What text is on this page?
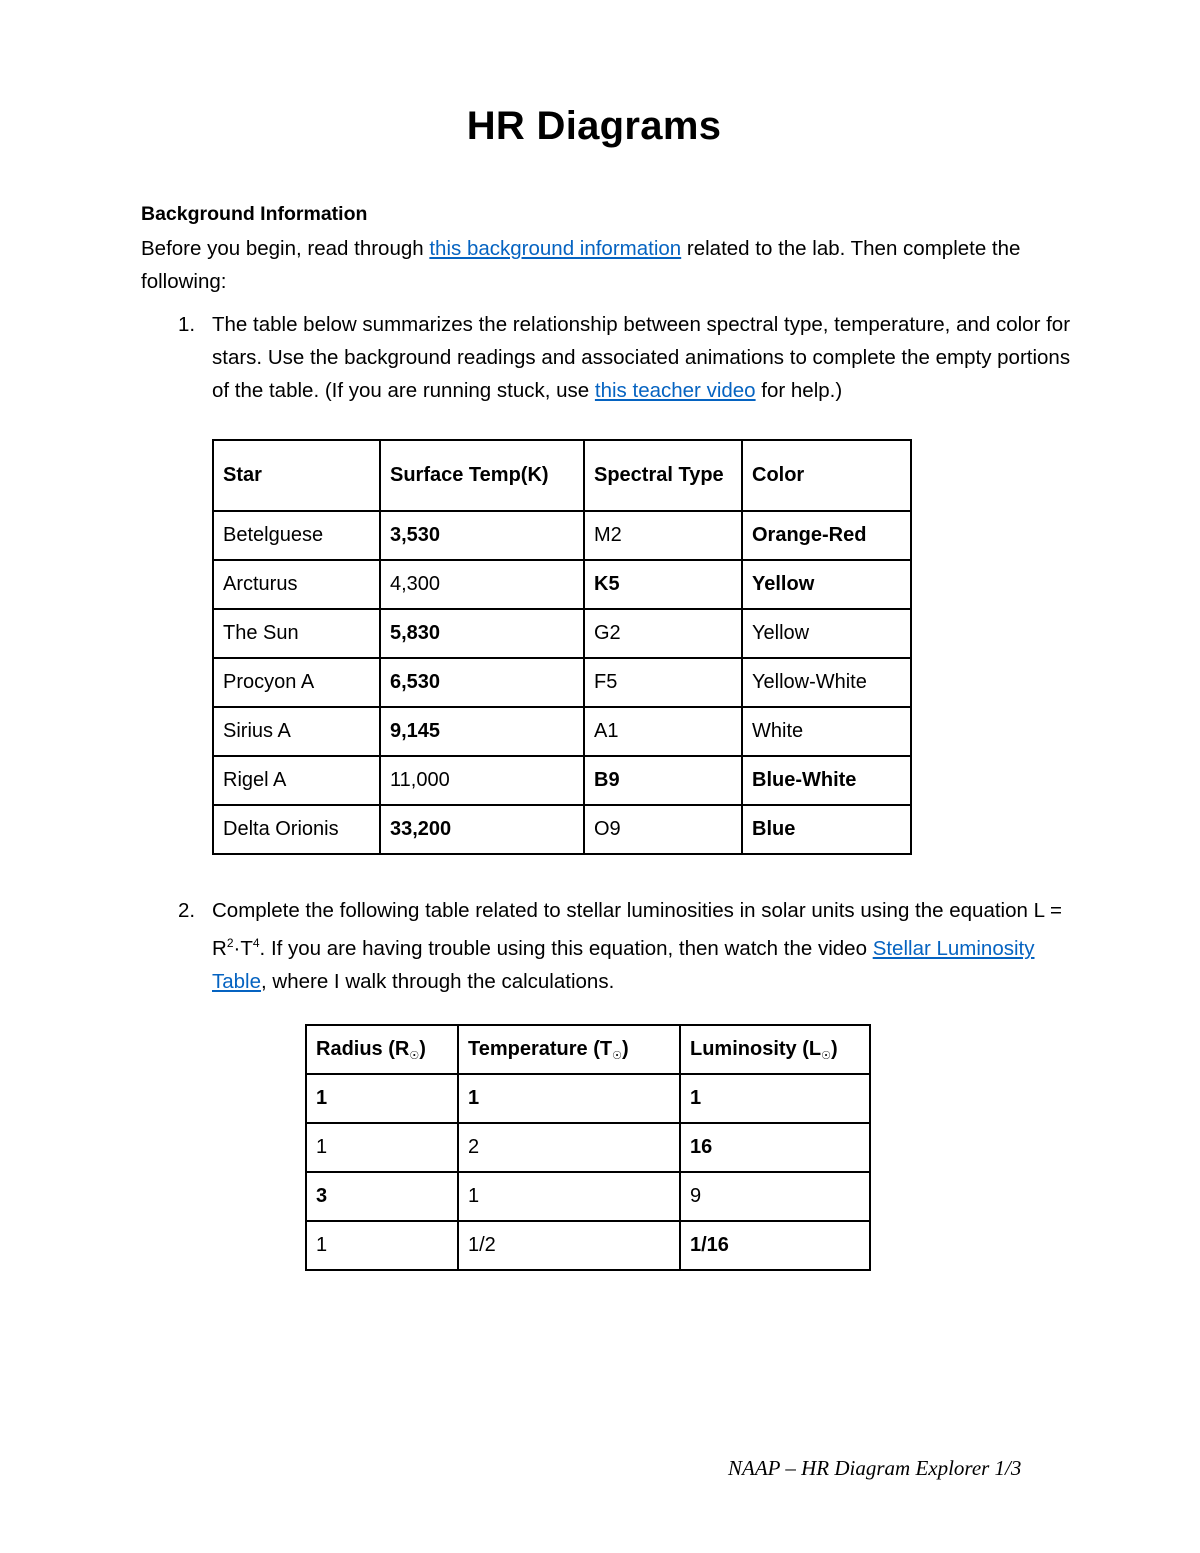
HR Diagrams
Background Information
Before you begin, read through this background information related to the lab. Then complete the following:
1. The table below summarizes the relationship between spectral type, temperature, and color for stars. Use the background readings and associated animations to complete the empty portions of the table. (If you are running stuck, use this teacher video for help.)
Star	Surface Temp(K)	Spectral Type	Color
Betelguese	3,530	M2	Orange-Red
Arcturus	4,300	K5	Yellow
The Sun	5,830	G2	Yellow
Procyon A	6,530	F5	Yellow-White
Sirius A	9,145	A1	White
Rigel A	11,000	B9	Blue-White
Delta Orionis	33,200	O9	Blue
2. Complete the following table related to stellar luminosities in solar units using the equation $L = R^2\cdot T^4$. If you are having trouble using this equation, then watch the video Stellar Luminosity Table, where I walk through the calculations.
Radius $(R_☉)$	Temperature $(T_☉)$	Luminosity $(L_☉)$
1	1	1
1	2	16
3	1	9
1	1/2	1/16
NAAP – HR Diagram Explorer 1/3
